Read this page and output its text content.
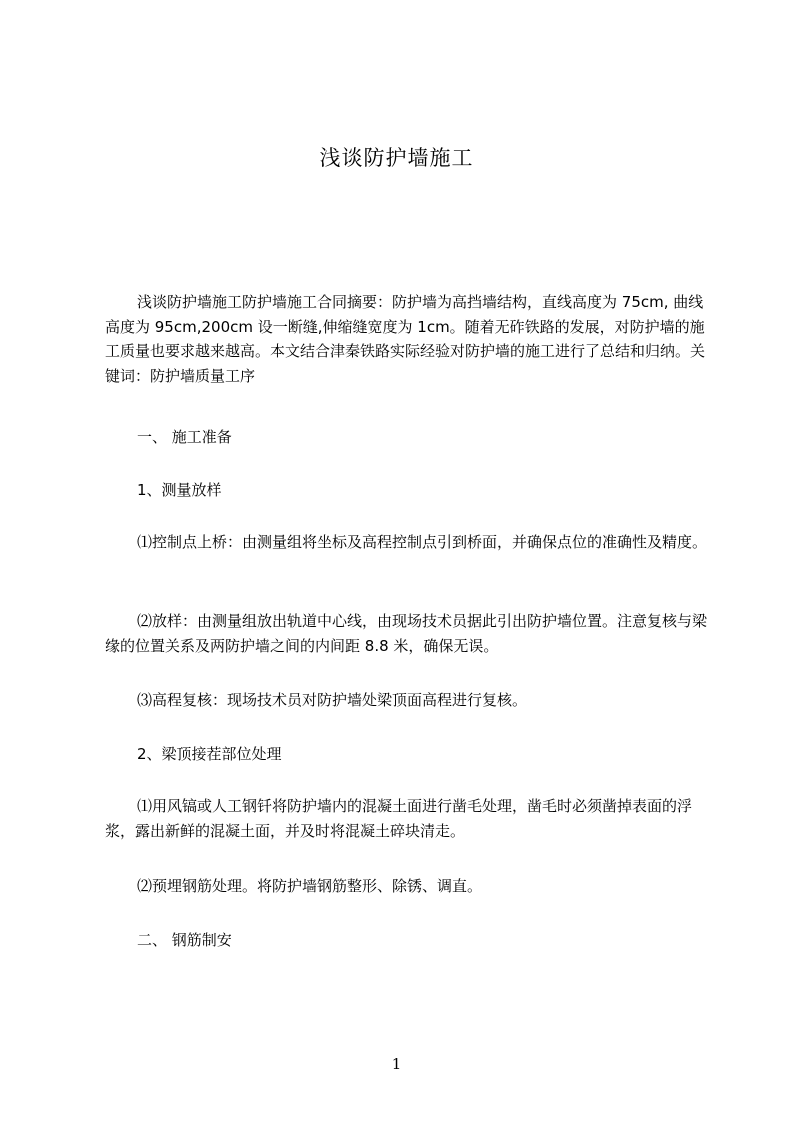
浅谈防护墙施工

浅谈防护墙施工防护墙施工合同摘要：防护墙为高挡墙结构，直线高度为 75cm, 曲线高度为 95cm,200cm 设一断缝,伸缩缝宽度为 1cm。随着无砟铁路的发展，对防护墙的施工质量也要求越来越高。本文结合津秦铁路实际经验对防护墙的施工进行了总结和归纳。关键词：防护墙质量工序

一、 施工准备
1、测量放样

⑴控制点上桥：由测量组将坐标及高程控制点引到桥面，并确保点位的准确性及精度。

⑵放样：由测量组放出轨道中心线，由现场技术员据此引出防护墙位置。注意复核与梁缘的位置关系及两防护墙之间的内间距 8.8 米，确保无误。

⑶高程复核：现场技术员对防护墙处梁顶面高程进行复核。

2、梁顶接茬部位处理

⑴用风镐或人工钢钎将防护墙内的混凝土面进行凿毛处理，凿毛时必须凿掉表面的浮浆，露出新鲜的混凝土面，并及时将混凝土碎块清走。

⑵预埋钢筋处理。将防护墙钢筋整形、除锈、调直。

二、 钢筋制安
1
